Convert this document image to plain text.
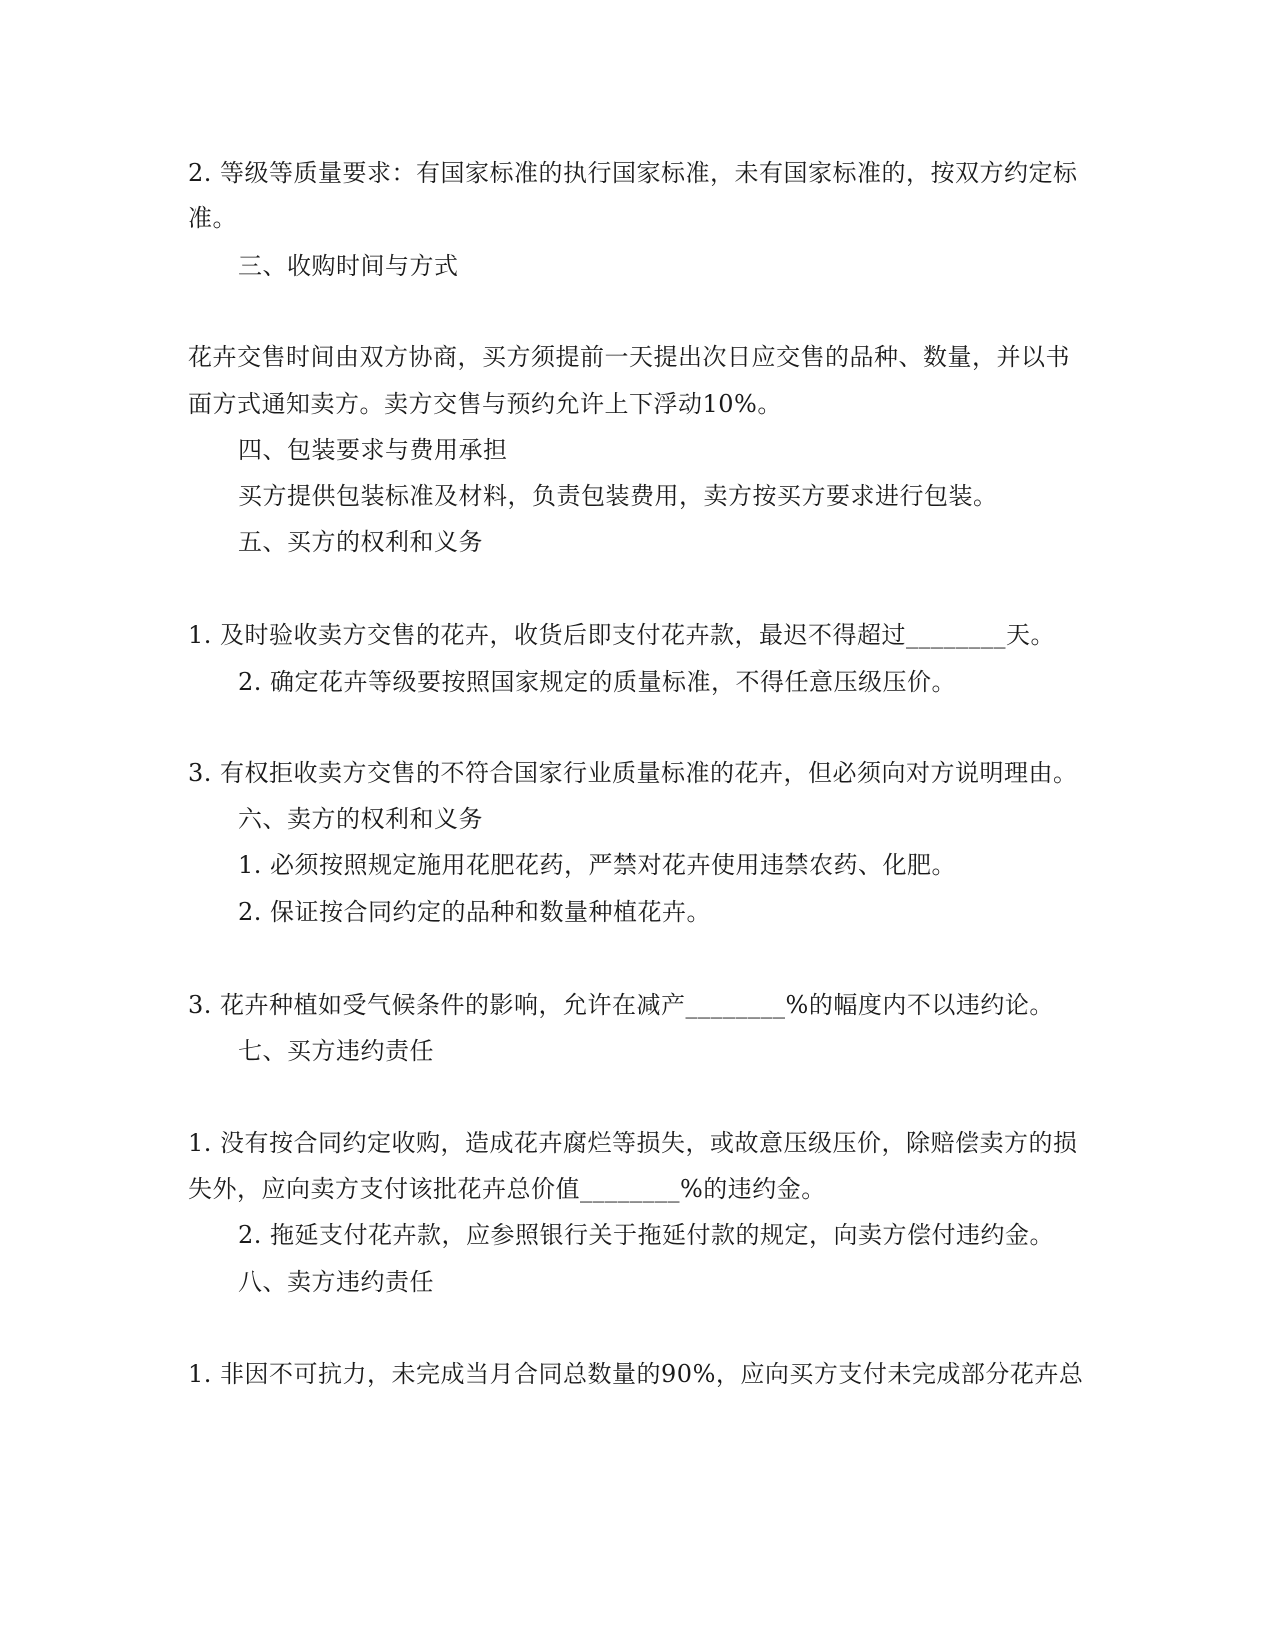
2. 等级等质量要求：有国家标准的执行国家标准，未有国家标准的，按双方约定标
准。
三、收购时间与方式
花卉交售时间由双方协商，买方须提前一天提出次日应交售的品种、数量，并以书
面方式通知卖方。卖方交售与预约允许上下浮动10%。
四、包装要求与费用承担
买方提供包装标准及材料，负责包装费用，卖方按买方要求进行包装。
五、买方的权利和义务
1. 及时验收卖方交售的花卉，收货后即支付花卉款，最迟不得超过________天。
2. 确定花卉等级要按照国家规定的质量标准，不得任意压级压价。
3. 有权拒收卖方交售的不符合国家行业质量标准的花卉，但必须向对方说明理由。
六、卖方的权利和义务
1. 必须按照规定施用花肥花药，严禁对花卉使用违禁农药、化肥。
2. 保证按合同约定的品种和数量种植花卉。
3. 花卉种植如受气候条件的影响，允许在减产________%的幅度内不以违约论。
七、买方违约责任
1. 没有按合同约定收购，造成花卉腐烂等损失，或故意压级压价，除赔偿卖方的损
失外，应向卖方支付该批花卉总价值________%的违约金。
2. 拖延支付花卉款，应参照银行关于拖延付款的规定，向卖方偿付违约金。
八、卖方违约责任
1. 非因不可抗力，未完成当月合同总数量的90%，应向买方支付未完成部分花卉总
